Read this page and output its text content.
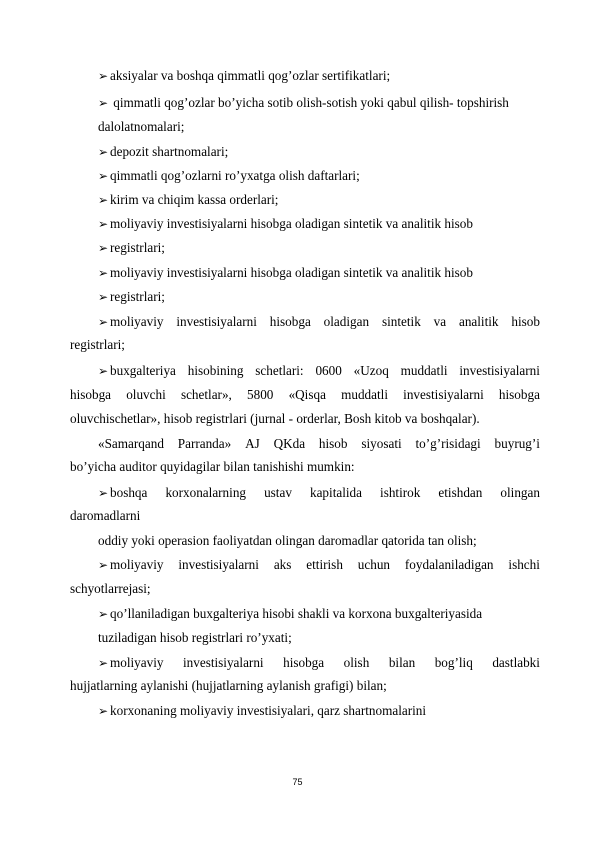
➢ aksiyalar va boshqa qimmatli qog’ozlar sertifikatlari;
➢ qimmatli qog’ozlar bo’yicha sotib olish-sotish yoki qabul qilish- topshirish
dalolatnomalari;
➢ depozit shartnomalari;
➢ qimmatli qog’ozlarni ro’yxatga olish daftarlari;
➢ kirim va chiqim kassa orderlari;
➢ moliyaviy investisiyalarni hisobga oladigan sintetik va analitik hisob
➢ registrlari;
➢ moliyaviy investisiyalarni hisobga oladigan sintetik va analitik hisob
➢ registrlari;
➢ moliyaviy investisiyalarni hisobga oladigan sintetik va analitik hisob
registrlari;
➢ buxgalteriya hisobining schetlari: 0600 «Uzoq muddatli investisiyalarni
hisobga oluvchi schetlar», 5800 «Qisqa muddatli investisiyalarni hisobga
oluvchischetlar», hisob registrlari (jurnal - orderlar, Bosh kitob va boshqalar).
«Samarqand Parranda» AJ QKda hisob siyosati to’g’risidagi buyrug’i
bo’yicha auditor quyidagilar bilan tanishishi mumkin:
➢ boshqa korxonalarning ustav kapitalida ishtirok etishdan olingan
daromadlarni
oddiy yoki operasion faoliyatdan olingan daromadlar qatorida tan olish;
➢ moliyaviy investisiyalarni aks ettirish uchun foydalaniladigan ishchi
schyotlarrejasi;
➢ qo’llaniladigan buxgalteriya hisobi shakli va korxona buxgalteriyasida
tuziladigan hisob registrlari ro’yxati;
➢ moliyaviy investisiyalarni hisobga olish bilan bog’liq dastlabki
hujjatlarning aylanishi (hujjatlarning aylanish grafigi) bilan;
➢ korxonaning moliyaviy investisiyalari, qarz shartnomalarini
75
